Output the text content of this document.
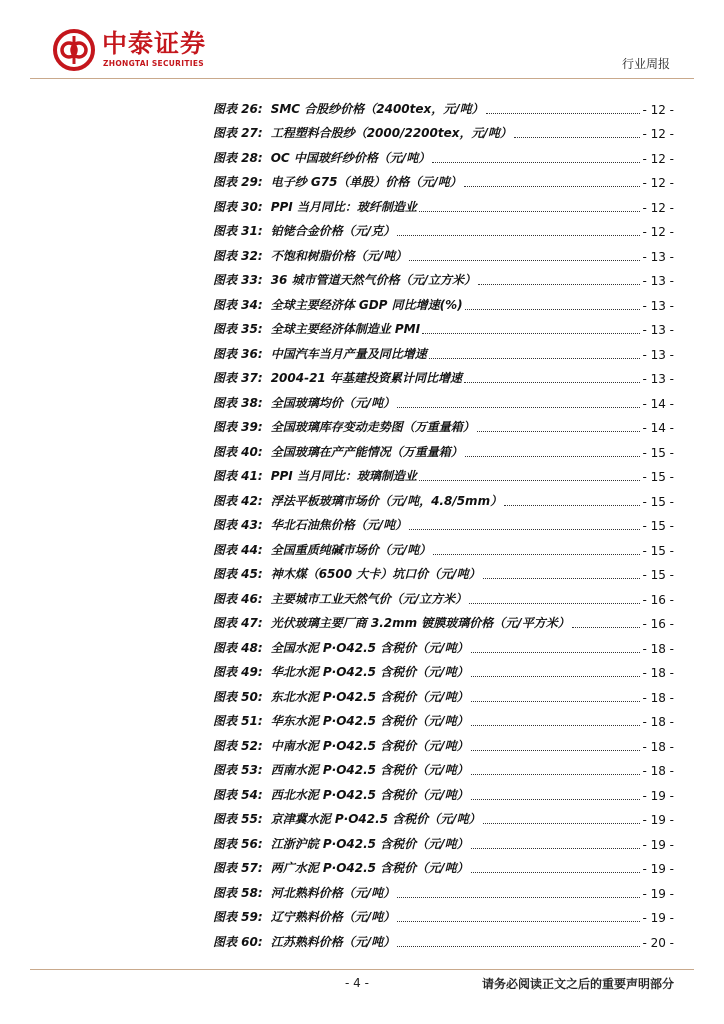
中泰证券
ZHONGTAI SECURITIES	行业周报
图表 26: SMC 合股纱价格（2400tex，元/吨）	- 12 -
图表 27: 工程塑料合股纱（2000/2200tex，元/吨）	- 12 -
图表 28: OC 中国玻纤纱价格（元/吨）	- 12 -
图表 29: 电子纱 G75（单股）价格（元/吨）	- 12 -
图表 30: PPI 当月同比：玻纤制造业	- 12 -
图表 31: 铂铑合金价格（元/克）	- 12 -
图表 32: 不饱和树脂价格（元/吨）	- 13 -
图表 33: 36 城市管道天然气价格（元/立方米）	- 13 -
图表 34: 全球主要经济体 GDP 同比增速(%)	- 13 -
图表 35: 全球主要经济体制造业 PMI	- 13 -
图表 36: 中国汽车当月产量及同比增速	- 13 -
图表 37: 2004-21 年基建投资累计同比增速	- 13 -
图表 38: 全国玻璃均价（元/吨）	- 14 -
图表 39: 全国玻璃库存变动走势图（万重量箱）	- 14 -
图表 40: 全国玻璃在产产能情况（万重量箱）	- 15 -
图表 41: PPI 当月同比：玻璃制造业	- 15 -
图表 42: 浮法平板玻璃市场价（元/吨，4.8/5mm）	- 15 -
图表 43: 华北石油焦价格（元/吨）	- 15 -
图表 44: 全国重质纯碱市场价（元/吨）	- 15 -
图表 45: 神木煤（6500 大卡）坑口价（元/吨）	- 15 -
图表 46: 主要城市工业天然气价（元/立方米）	- 16 -
图表 47: 光伏玻璃主要厂商 3.2mm 镀膜玻璃价格（元/平方米）	- 16 -
图表 48: 全国水泥 P·O42.5 含税价（元/吨）	- 18 -
图表 49: 华北水泥 P·O42.5 含税价（元/吨）	- 18 -
图表 50: 东北水泥 P·O42.5 含税价（元/吨）	- 18 -
图表 51: 华东水泥 P·O42.5 含税价（元/吨）	- 18 -
图表 52: 中南水泥 P·O42.5 含税价（元/吨）	- 18 -
图表 53: 西南水泥 P·O42.5 含税价（元/吨）	- 18 -
图表 54: 西北水泥 P·O42.5 含税价（元/吨）	- 19 -
图表 55: 京津冀水泥 P·O42.5 含税价（元/吨）	- 19 -
图表 56: 江浙沪皖 P·O42.5 含税价（元/吨）	- 19 -
图表 57: 两广水泥 P·O42.5 含税价（元/吨）	- 19 -
图表 58: 河北熟料价格（元/吨）	- 19 -
图表 59: 辽宁熟料价格（元/吨）	- 19 -
图表 60: 江苏熟料价格（元/吨）	- 20 -
- 4 -	请务必阅读正文之后的重要声明部分
